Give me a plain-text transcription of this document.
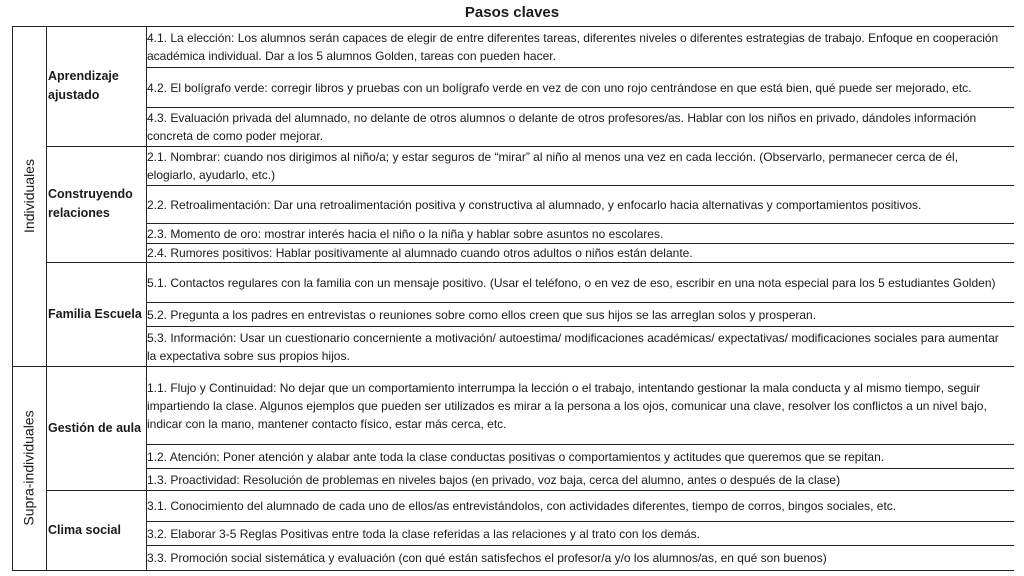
Pasos claves
Individuales
Supra-individuales
Aprendizaje ajustado
Construyendo relaciones
Familia Escuela
Gestión de aula
Clima social
4.1. La elección: Los alumnos serán capaces de elegir de entre diferentes tareas, diferentes niveles o diferentes estrategias de trabajo. Enfoque en cooperación académica individual. Dar a los 5 alumnos Golden, tareas con pueden hacer.
4.2. El bolígrafo verde: corregir libros y pruebas con un bolígrafo verde en vez de con uno rojo centrándose en que está bien, qué puede ser mejorado, etc.
4.3. Evaluación privada del alumnado, no delante de otros alumnos o delante de otros profesores/as. Hablar con los niños en privado, dándoles información concreta de como poder mejorar.
2.1. Nombrar: cuando nos dirigimos al niño/a; y estar seguros de “mirar” al niño al menos una vez en cada lección. (Observarlo, permanecer cerca de él, elogiarlo, ayudarlo, etc.)
2.2. Retroalimentación: Dar una retroalimentación positiva y constructiva al alumnado, y enfocarlo hacia alternativas y comportamientos positivos.
2.3. Momento de oro: mostrar interés hacia el niño o la niña y hablar sobre asuntos no escolares.
2.4. Rumores positivos: Hablar positivamente al alumnado cuando otros adultos o niños están delante.
5.1. Contactos regulares con la familia con un mensaje positivo. (Usar el teléfono, o en vez de eso, escribir en una nota especial para los 5 estudiantes Golden)
5.2. Pregunta a los padres en entrevistas o reuniones sobre como ellos creen que sus hijos se las arreglan solos y prosperan.
5.3. Información: Usar un cuestionario concerniente a motivación/ autoestima/ modificaciones académicas/ expectativas/ modificaciones sociales para aumentar la expectativa sobre sus propios hijos.
1.1. Flujo y Continuidad: No dejar que un comportamiento interrumpa la lección o el trabajo, intentando gestionar la mala conducta y al mismo tiempo, seguir impartiendo la clase. Algunos ejemplos que pueden ser utilizados es mirar a la persona a los ojos, comunicar una clave, resolver los conflictos a un nivel bajo, indicar con la mano, mantener contacto físico, estar más cerca, etc.
1.2. Atención: Poner atención y alabar ante toda la clase conductas positivas o comportamientos y actitudes que queremos que se repitan.
1.3. Proactividad: Resolución de problemas en niveles bajos (en privado, voz baja, cerca del alumno, antes o después de la clase)
3.1. Conocimiento del alumnado de cada uno de ellos/as entrevistándolos, con actividades diferentes, tiempo de corros, bingos sociales, etc.
3.2. Elaborar 3-5 Reglas Positivas entre toda la clase referidas a las relaciones y al trato con los demás.
3.3. Promoción social sistemática y evaluación (con qué están satisfechos el profesor/a y/o los alumnos/as, en qué son buenos)
